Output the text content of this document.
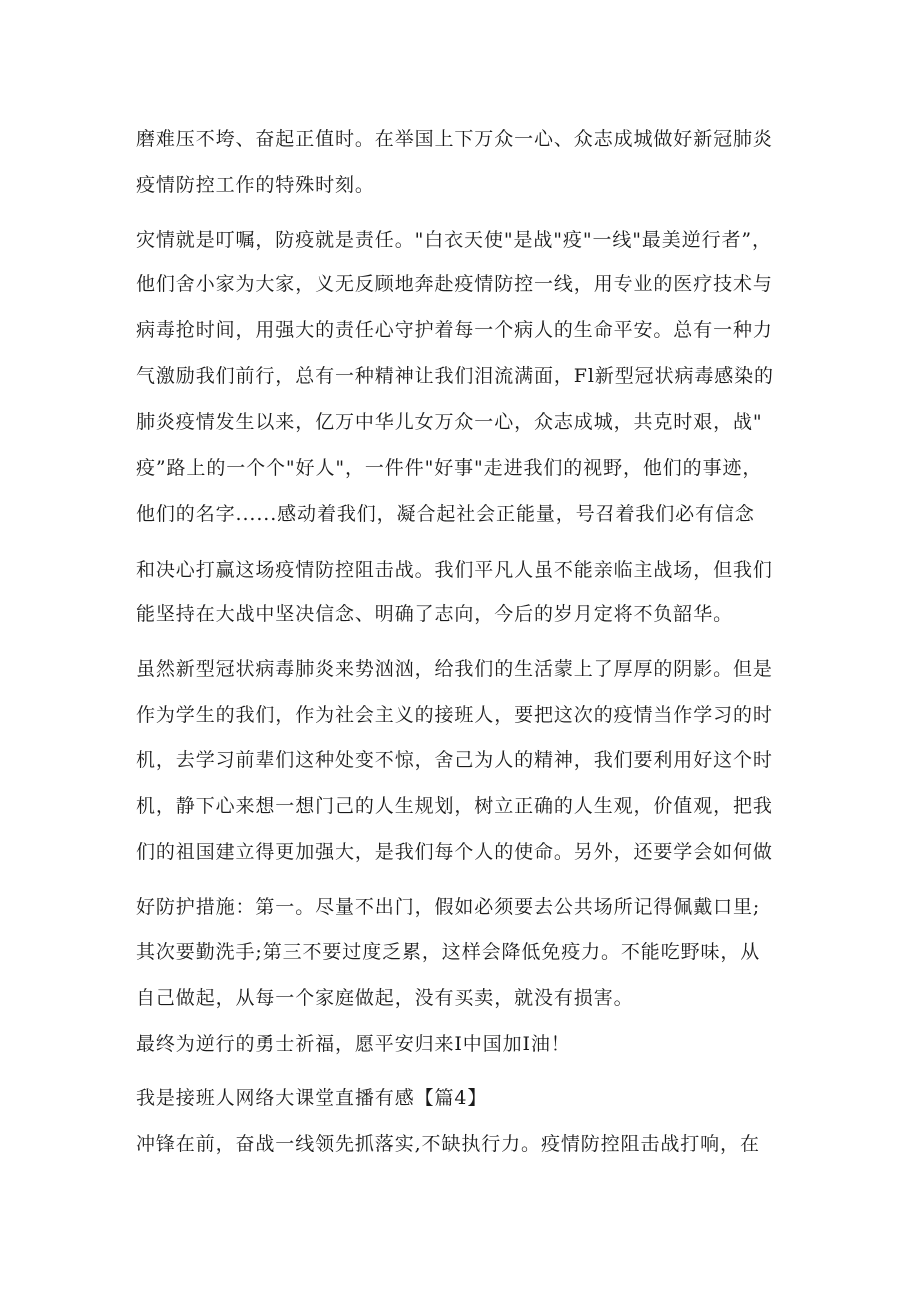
磨难压不垮、奋起正值时。在举国上下万众一心、众志成城做好新冠肺炎
疫情防控工作的特殊时刻。
灾情就是叮嘱，防疫就是责任。"白衣天使"是战"疫"一线"最美逆行者”，
他们舍小家为大家，义无反顾地奔赴疫情防控一线，用专业的医疗技术与
病毒抢时间，用强大的责任心守护着每一个病人的生命平安。总有一种力
气激励我们前行，总有一种精神让我们泪流满面，Fl新型冠状病毒感染的
肺炎疫情发生以来，亿万中华儿女万众一心，众志成城，共克时艰，战"
疫”路上的一个个"好人"，一件件"好事"走进我们的视野，他们的事迹，
他们的名字......感动着我们，凝合起社会正能量，号召着我们必有信念
和决心打赢这场疫情防控阻击战。我们平凡人虽不能亲临主战场，但我们
能坚持在大战中坚决信念、明确了志向，今后的岁月定将不负韶华。
虽然新型冠状病毒肺炎来势汹汹，给我们的生活蒙上了厚厚的阴影。但是
作为学生的我们，作为社会主义的接班人，要把这次的疫情当作学习的时
机，去学习前辈们这种处变不惊，舍己为人的精神，我们要利用好这个时
机，静下心来想一想门己的人生规划，树立正确的人生观，价值观，把我
们的祖国建立得更加强大，是我们每个人的使命。另外，还要学会如何做
好防护措施：第一。尽量不出门，假如必须要去公共场所记得佩戴口里;
其次要勤洗手;第三不要过度乏累，这样会降低免疫力。不能吃野味，从
自己做起，从每一个家庭做起，没有买卖，就没有损害。
最终为逆行的勇士祈福，愿平安归来I中国加I油！
我是接班人网络大课堂直播有感【篇4】
冲锋在前，奋战一线领先抓落实,不缺执行力。疫情防控阻击战打响，在
